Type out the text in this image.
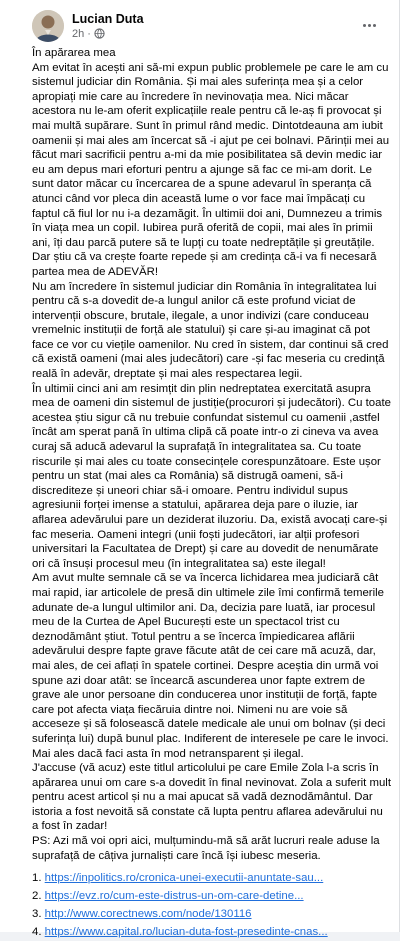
Lucian Duta
2h ·

În apărarea mea

Am evitat în acești ani să-mi expun public problemele pe care le am cu sistemul judiciar din România. Și mai ales suferința mea și a celor apropiați mie care au încredere în nevinovația mea. Nici măcar acestora nu le-am oferit explicațiile reale pentru că le-aș fi provocat și mai multă supărare. Sunt în primul rând medic. Dintotdeauna am iubit oamenii și mai ales am încercat să -i ajut pe cei bolnavi. Părinții mei au făcut mari sacrificii pentru a-mi da mie posibilitatea să devin medic iar eu am depus mari eforturi pentru a ajunge să fac ce mi-am dorit. Le sunt dator măcar cu încercarea de a spune adevarul în speranța că atunci când vor pleca din această lume o vor face mai împăcați cu faptul că fiul lor nu i-a dezamăgit. În ultimii doi ani, Dumnezeu a trimis în viața mea un copil. Iubirea pură oferită de copii, mai ales în primii ani, îți dau parcă putere să te lupți cu toate nedreptățile și greutățile. Dar știu că va crește foarte repede și am credința că-i va fi necesară partea mea de ADEVĂR!

Nu am încredere în sistemul judiciar din România în integralitatea lui pentru că s-a dovedit de-a lungul anilor că este profund viciat de intervenții obscure, brutale, ilegale, a unor indivizi (care conduceau vremelnic instituții de forță ale statului) și care și-au imaginat că pot face ce vor cu viețile oamenilor. Nu cred în sistem, dar continui să cred că există oameni (mai ales judecători) care -și fac meseria cu credință reală în adevăr, dreptate și mai ales respectarea legii.

În ultimii cinci ani am resimțit din plin nedreptatea exercitată asupra mea de oameni din sistemul de justiție(procurori și judecători). Cu toate acestea știu sigur că nu trebuie confundat sistemul cu oamenii ,astfel încât am sperat pană în ultima clipă că poate intr-o zi cineva va avea curaj să aducă adevarul la suprafață în integralitatea sa. Cu toate riscurile și mai ales cu toate consecințele corespunzătoare. Este ușor pentru un stat (mai ales ca România) să distrugă oameni, să-i discrediteze și uneori chiar să-i omoare. Pentru individul supus agresiunii forței imense a statului, apărarea deja pare o iluzie, iar aflarea adevărului pare un deziderat iluzoriu. Da, există avocați care-și fac meseria. Oameni integri (unii foști judecători, iar alții profesori universitari la Facultatea de Drept) și care au dovedit de nenumărate ori că însuși procesul meu (în integralitatea sa) este ilegal!

Am avut multe semnale că se va încerca lichidarea mea judiciară cât mai rapid, iar articolele de presă din ultimele zile îmi confirmă temerile adunate de-a lungul ultimilor ani. Da, decizia pare luată, iar procesul meu de la Curtea de Apel București este un spectacol trist cu deznodământ știut. Totul pentru a se încerca împiedicarea aflării adevărului despre fapte grave făcute atât de cei care mă acuză, dar, mai ales, de cei aflați în spatele cortinei. Despre aceștia din urmă voi spune azi doar atât: se încearcă ascunderea unor fapte extrem de grave ale unor persoane din conducerea unor instituții de forță, fapte care pot afecta viața fiecăruia dintre noi. Nimeni nu are voie să acceseze și să folosească datele medicale ale unui om bolnav (și deci suferința lui) după bunul plac. Indiferent de interesele pe care le invoci. Mai ales dacă faci asta în mod netransparent și ilegal.

J'accuse (vă acuz) este titlul articolului pe care Emile Zola l-a scris în apărarea unui om care s-a dovedit în final nevinovat. Zola a suferit mult pentru acest articol și nu a mai apucat să vadă deznodământul. Dar istoria a fost nevoită să constate că lupta pentru aflarea adevărului nu a fost în zadar!

PS: Azi mă voi opri aici, mulțumindu-mă să arăt lucruri reale aduse la suprafață de câțiva jurnaliști care încă își iubesc meseria.

1. https://inpolitics.ro/cronica-unei-executii-anuntate-sau...
2. https://evz.ro/cum-este-distrus-un-om-care-detine...
3. http://www.corectnews.com/node/130116
4. https://www.capital.ro/lucian-duta-fost-presedinte-cnas...
